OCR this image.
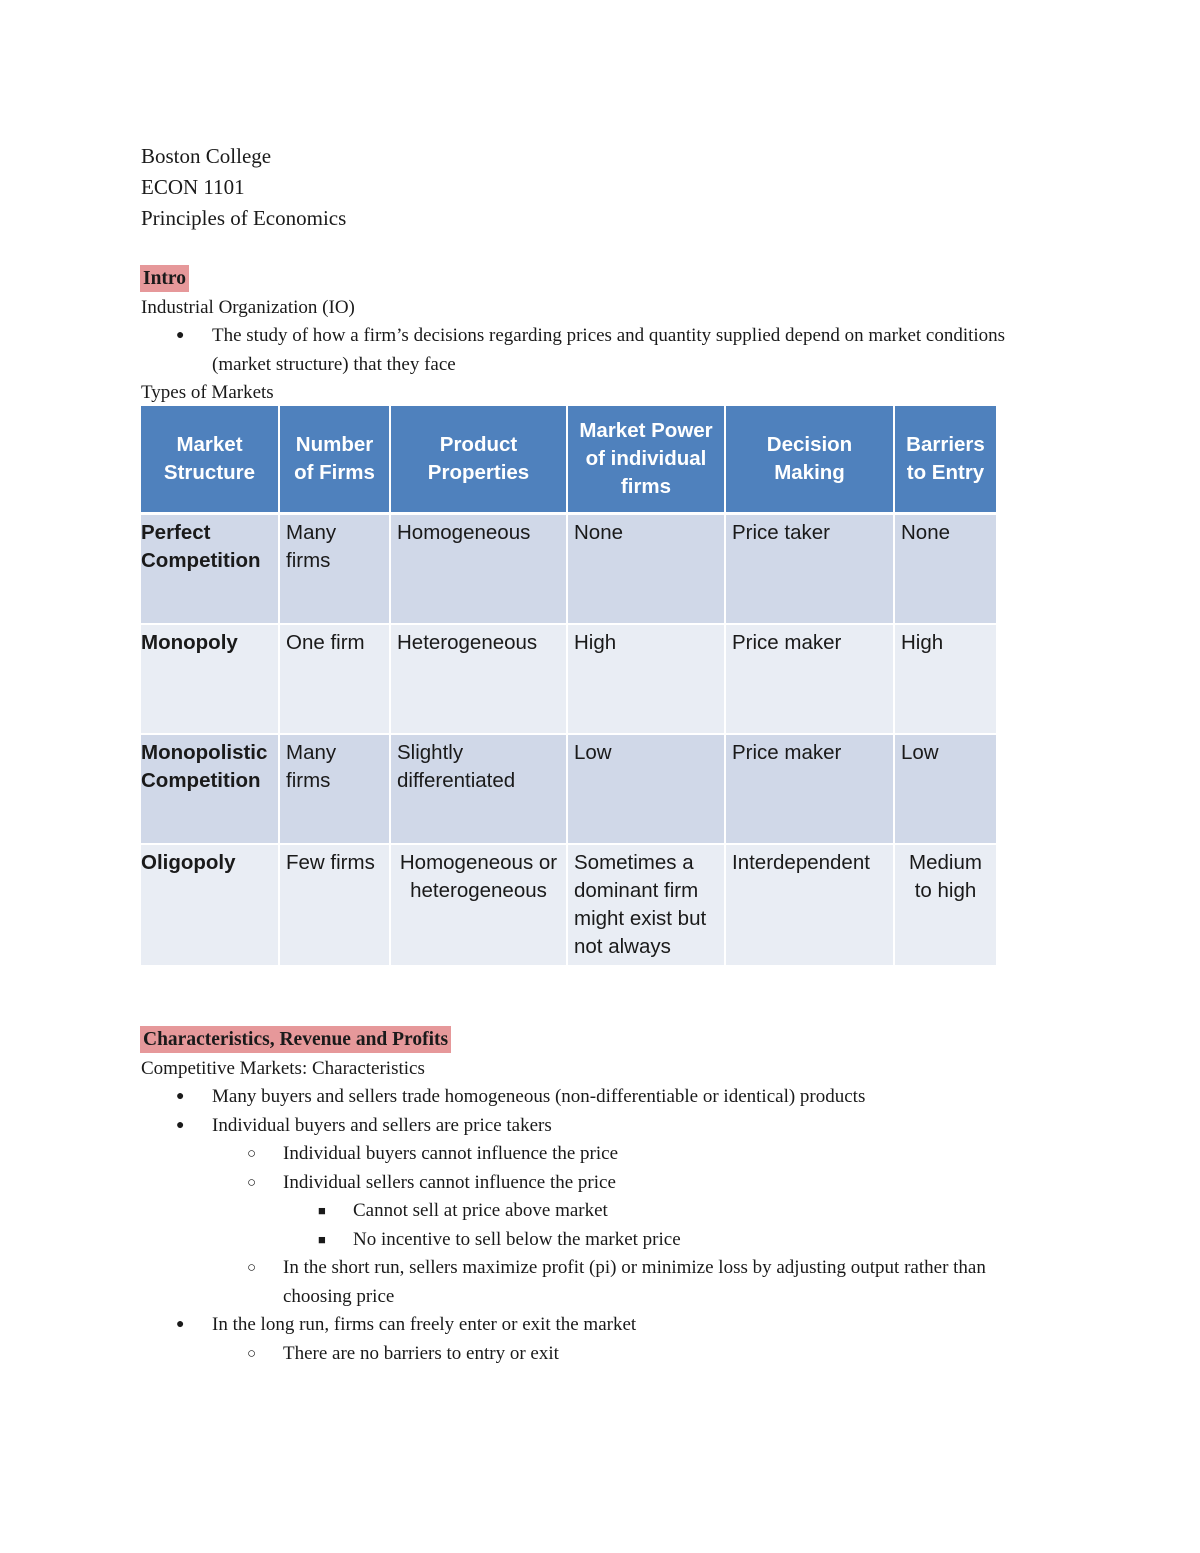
Boston College
ECON 1101
Principles of Economics
Intro
Industrial Organization (IO)
● The study of how a firm’s decisions regarding prices and quantity supplied depend on market conditions (market structure) that they face
Types of Markets
Market Structure	Number of Firms	Product Properties	Market Power of individual firms	Decision Making	Barriers to Entry
Perfect Competition	Many firms	Homogeneous	None	Price taker	None
Monopoly	One firm	Heterogeneous	High	Price maker	High
Monopolistic Competition	Many firms	Slightly differentiated	Low	Price maker	Low
Oligopoly	Few firms	Homogeneous or heterogeneous	Sometimes a dominant firm might exist but not always	Interdependent	Medium to high
Characteristics, Revenue and Profits
Competitive Markets: Characteristics
● Many buyers and sellers trade homogeneous (non-differentiable or identical) products
● Individual buyers and sellers are price takers
○ Individual buyers cannot influence the price
○ Individual sellers cannot influence the price
■ Cannot sell at price above market
■ No incentive to sell below the market price
○ In the short run, sellers maximize profit (pi) or minimize loss by adjusting output rather than choosing price
● In the long run, firms can freely enter or exit the market
○ There are no barriers to entry or exit
